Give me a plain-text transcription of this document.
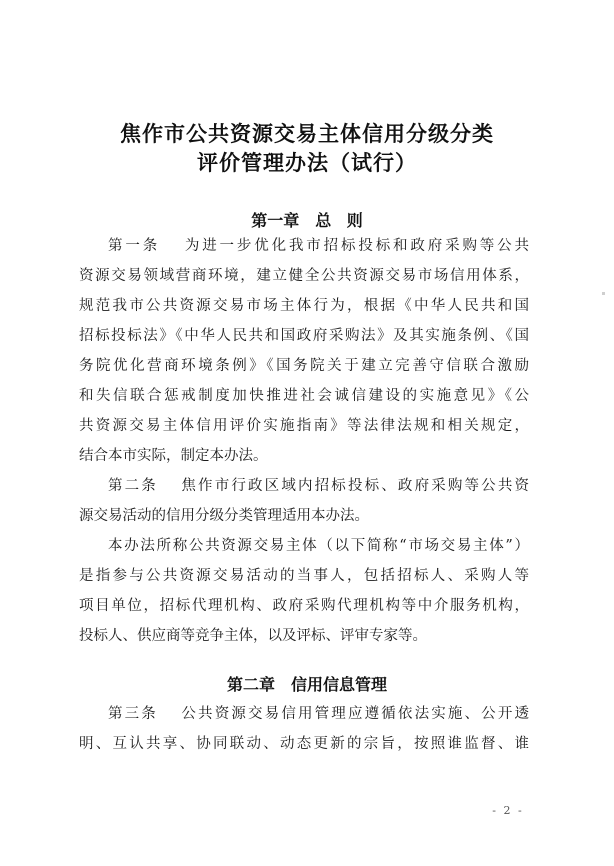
焦作市公共资源交易主体信用分级分类
评价管理办法（试行）
第一章　总 则
第一条　 为进一步优化我市招标投标和政府采购等公共
资源交易领域营商环境，建立健全公共资源交易市场信用体系，
规范我市公共资源交易市场主体行为，根据《中华人民共和国
招标投标法》《中华人民共和国政府采购法》及其实施条例、《国
务院优化营商环境条例》《国务院关于建立完善守信联合激励
和失信联合惩戒制度加快推进社会诚信建设的实施意见》《公
共资源交易主体信用评价实施指南》等法律法规和相关规定，
结合本市实际，制定本办法。
第二条　 焦作市行政区域内招标投标、政府采购等公共资
源交易活动的信用分级分类管理适用本办法。
本办法所称公共资源交易主体（以下简称“市场交易主体”）
是指参与公共资源交易活动的当事人，包括招标人、采购人等
项目单位，招标代理机构、政府采购代理机构等中介服务机构，
投标人、供应商等竞争主体，以及评标、评审专家等。
第二章　信用信息管理
第三条　 公共资源交易信用管理应遵循依法实施、公开透
明、互认共享、协同联动、动态更新的宗旨，按照谁监督、谁
- 2 -
